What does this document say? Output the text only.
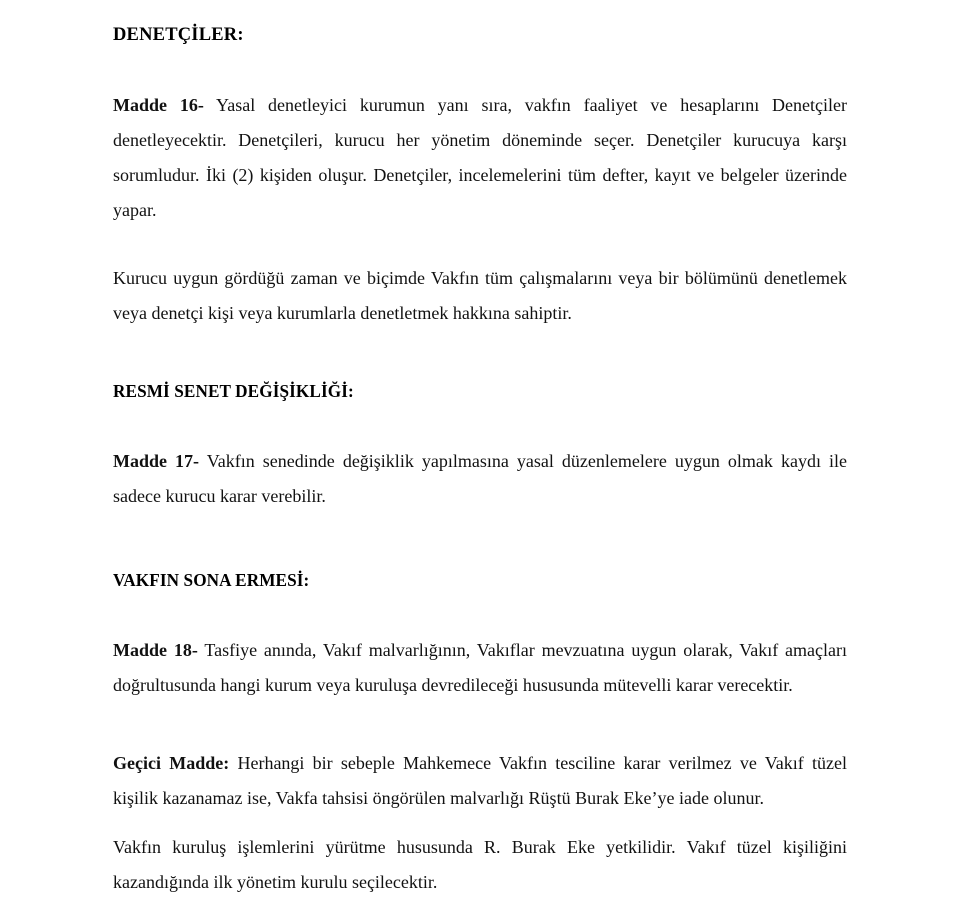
DENETÇİLER:

Madde 16- Yasal denetleyici kurumun yanı sıra, vakfın faaliyet ve hesaplarını Denetçiler denetleyecektir. Denetçileri, kurucu her yönetim döneminde seçer. Denetçiler kurucuya karşı sorumludur. İki (2) kişiden oluşur. Denetçiler, incelemelerini tüm defter, kayıt ve belgeler üzerinde yapar.

Kurucu uygun gördüğü zaman ve biçimde Vakfın tüm çalışmalarını veya bir bölümünü denetlemek veya denetçi kişi veya kurumlarla denetletmek hakkına sahiptir.

RESMİ SENET DEĞİŞİKLİĞİ:

Madde 17- Vakfın senedinde değişiklik yapılmasına yasal düzenlemelere uygun olmak kaydı ile sadece kurucu karar verebilir.

VAKFIN SONA ERMESİ:

Madde 18- Tasfiye anında, Vakıf malvarlığının, Vakıflar mevzuatına uygun olarak, Vakıf amaçları doğrultusunda hangi kurum veya kuruluşa devredileceği hususunda mütevelli karar verecektir.

Geçici Madde: Herhangi bir sebeple Mahkemece Vakfın tesciline karar verilmez ve Vakıf tüzel kişilik kazanamaz ise, Vakfa tahsisi öngörülen malvarlığı Rüştü Burak Eke’ye iade olunur.

Vakfın kuruluş işlemlerini yürütme hususunda R. Burak Eke yetkilidir. Vakıf tüzel kişiliğini kazandığında ilk yönetim kurulu seçilecektir.
